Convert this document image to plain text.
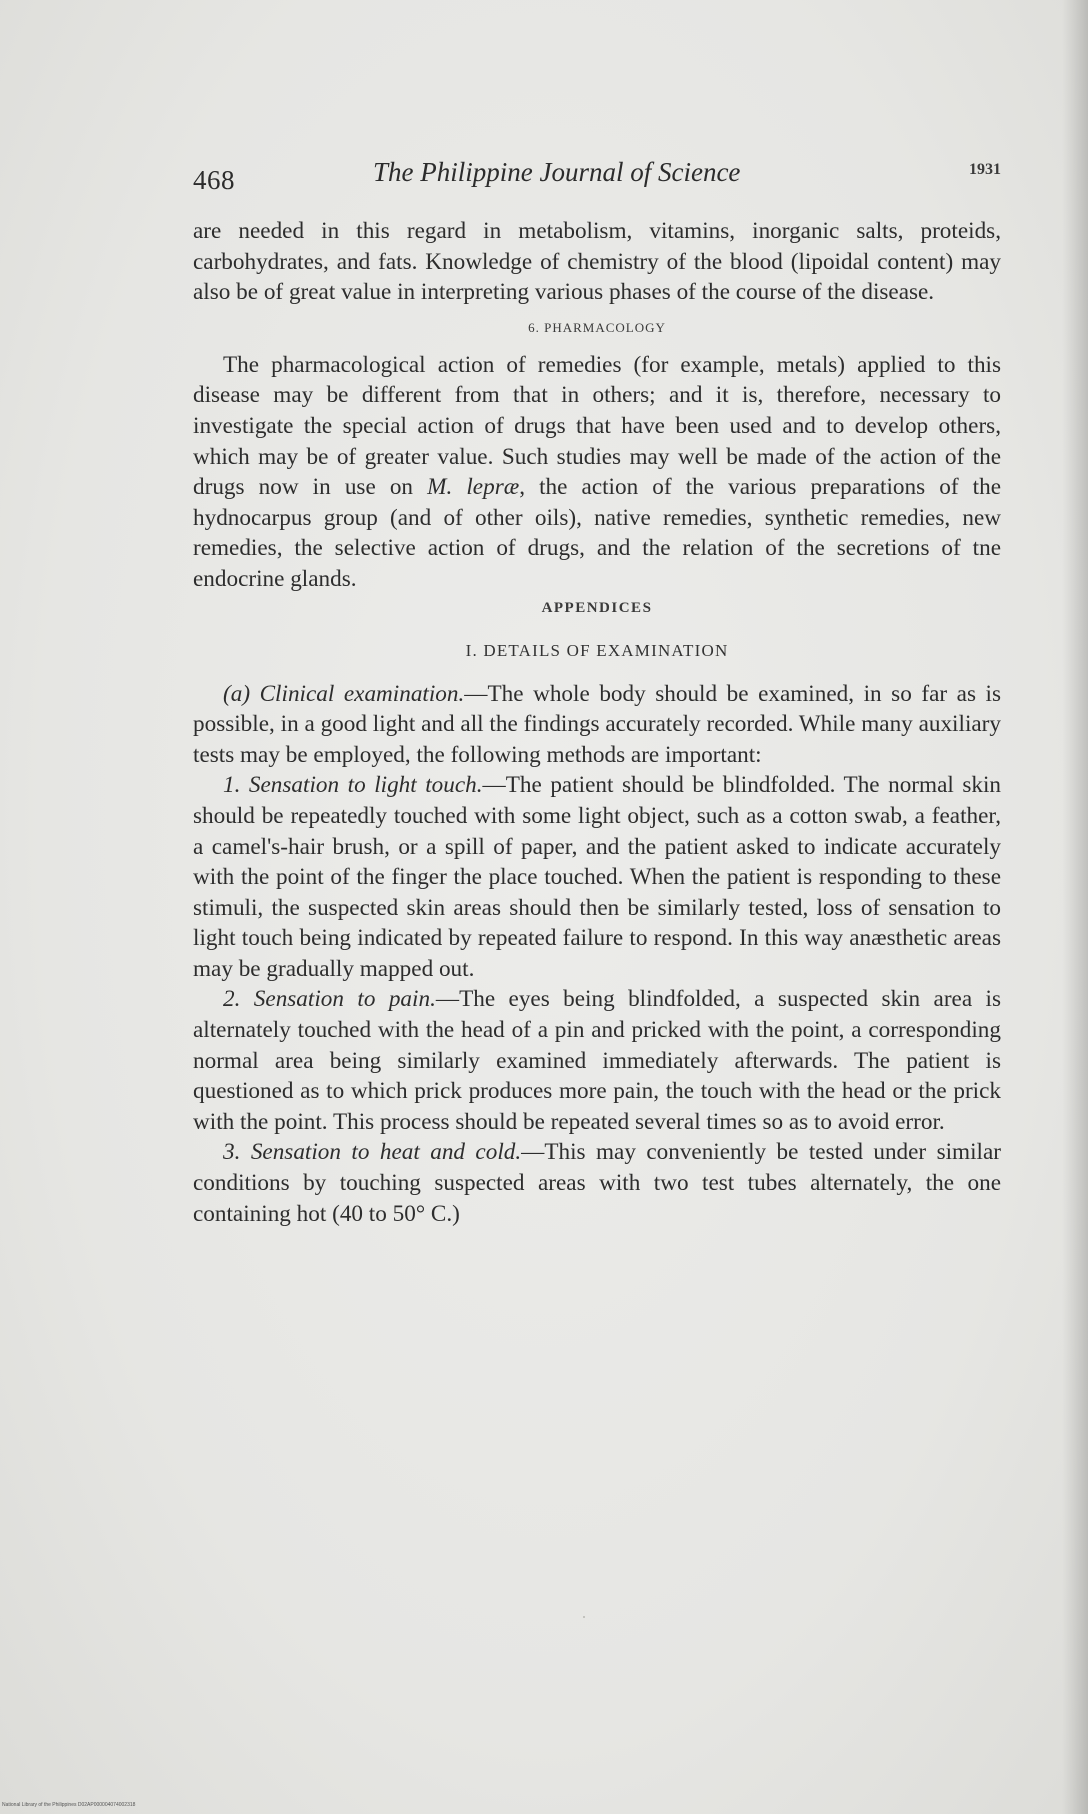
468	The Philippine Journal of Science	1931

are needed in this regard in metabolism, vitamins, inorganic salts, proteids, carbohydrates, and fats. Knowledge of chemistry of the blood (lipoidal content) may also be of great value in interpreting various phases of the course of the disease.

6. PHARMACOLOGY

The pharmacological action of remedies (for example, metals) applied to this disease may be different from that in others; and it is, therefore, necessary to investigate the special action of drugs that have been used and to develop others, which may be of greater value. Such studies may well be made of the action of the drugs now in use on M. lepræ, the action of the various preparations of the hydnocarpus group (and of other oils), native remedies, synthetic remedies, new remedies, the selective action of drugs, and the relation of the secretions of tne endocrine glands.

APPENDICES
I. DETAILS OF EXAMINATION

(a) Clinical examination.—The whole body should be examined, in so far as is possible, in a good light and all the findings accurately recorded. While many auxiliary tests may be employed, the following methods are important:

1. Sensation to light touch.—The patient should be blindfolded. The normal skin should be repeatedly touched with some light object, such as a cotton swab, a feather, a camel's-hair brush, or a spill of paper, and the patient asked to indicate accurately with the point of the finger the place touched. When the patient is responding to these stimuli, the suspected skin areas should then be similarly tested, loss of sensation to light touch being indicated by repeated failure to respond. In this way anæsthetic areas may be gradually mapped out.

2. Sensation to pain.—The eyes being blindfolded, a suspected skin area is alternately touched with the head of a pin and pricked with the point, a corresponding normal area being similarly examined immediately afterwards. The patient is questioned as to which prick produces more pain, the touch with the head or the prick with the point. This process should be repeated several times so as to avoid error.

3. Sensation to heat and cold.—This may conveniently be tested under similar conditions by touching suspected areas with two test tubes alternately, the one containing hot (40 to 50° C.)

National Library of the Philippines D02AP000004074002318
